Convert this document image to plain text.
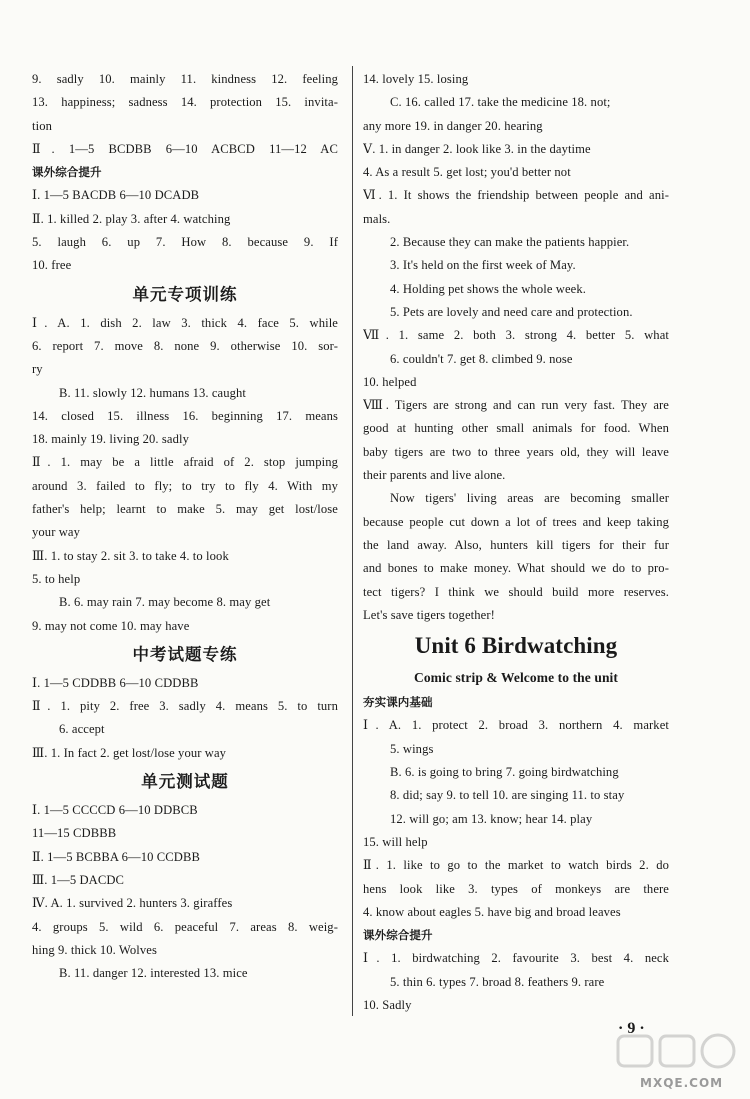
9. sadly 10. mainly 11. kindness 12. feeling
13. happiness; sadness 14. protection 15. invita-
tion
Ⅱ. 1—5 BCDBB 6—10 ACBCD 11—12 AC
课外综合提升
Ⅰ. 1—5 BACDB 6—10 DCADB
Ⅱ. 1. killed 2. play 3. after 4. watching
5. laugh 6. up 7. How 8. because 9. If
10. free
单元专项训练
Ⅰ. A. 1. dish 2. law 3. thick 4. face 5. while
6. report 7. move 8. none 9. otherwise 10. sor-
ry
B. 11. slowly 12. humans 13. caught
14. closed 15. illness 16. beginning 17. means
18. mainly 19. living 20. sadly
Ⅱ. 1. may be a little afraid of 2. stop jumping
around 3. failed to fly; to try to fly 4. With my
father's help; learnt to make 5. may get lost/lose
your way
Ⅲ. 1. to stay 2. sit 3. to take 4. to look
5. to help
B. 6. may rain 7. may become 8. may get
9. may not come 10. may have
中考试题专练
Ⅰ. 1—5 CDDBB 6—10 CDDBB
Ⅱ. 1. pity 2. free 3. sadly 4. means 5. to turn
6. accept
Ⅲ. 1. In fact 2. get lost/lose your way
单元测试题
Ⅰ. 1—5 CCCCD 6—10 DDBCB
11—15 CDBBB
Ⅱ. 1—5 BCBBA 6—10 CCDBB
Ⅲ. 1—5 DACDC
Ⅳ. A. 1. survived 2. hunters 3. giraffes
4. groups 5. wild 6. peaceful 7. areas 8. weig-
hing 9. thick 10. Wolves
B. 11. danger 12. interested 13. mice
14. lovely 15. losing
C. 16. called 17. take the medicine 18. not;
any more 19. in danger 20. hearing
Ⅴ. 1. in danger 2. look like 3. in the daytime
4. As a result 5. get lost; you'd better not
Ⅵ. 1. It shows the friendship between people and ani-
mals.
2. Because they can make the patients happier.
3. It's held on the first week of May.
4. Holding pet shows the whole week.
5. Pets are lovely and need care and protection.
Ⅶ. 1. same 2. both 3. strong 4. better 5. what
6. couldn't 7. get 8. climbed 9. nose
10. helped
Ⅷ. Tigers are strong and can run very fast. They are
good at hunting other small animals for food. When
baby tigers are two to three years old, they will leave
their parents and live alone.
Now tigers' living areas are becoming smaller
because people cut down a lot of trees and keep taking
the land away. Also, hunters kill tigers for their fur
and bones to make money. What should we do to pro-
tect tigers? I think we should build more reserves.
Let's save tigers together!
Unit 6 Birdwatching
Comic strip & Welcome to the unit
夯实课内基础
Ⅰ. A. 1. protect 2. broad 3. northern 4. market
5. wings
B. 6. is going to bring 7. going birdwatching
8. did; say 9. to tell 10. are singing 11. to stay
12. will go; am 13. know; hear 14. play
15. will help
Ⅱ. 1. like to go to the market to watch birds 2. do
hens look like 3. types of monkeys are there
4. know about eagles 5. have big and broad leaves
课外综合提升
Ⅰ. 1. birdwatching 2. favourite 3. best 4. neck
5. thin 6. types 7. broad 8. feathers 9. rare
10. Sadly
· 9 ·
MXQE.COM
